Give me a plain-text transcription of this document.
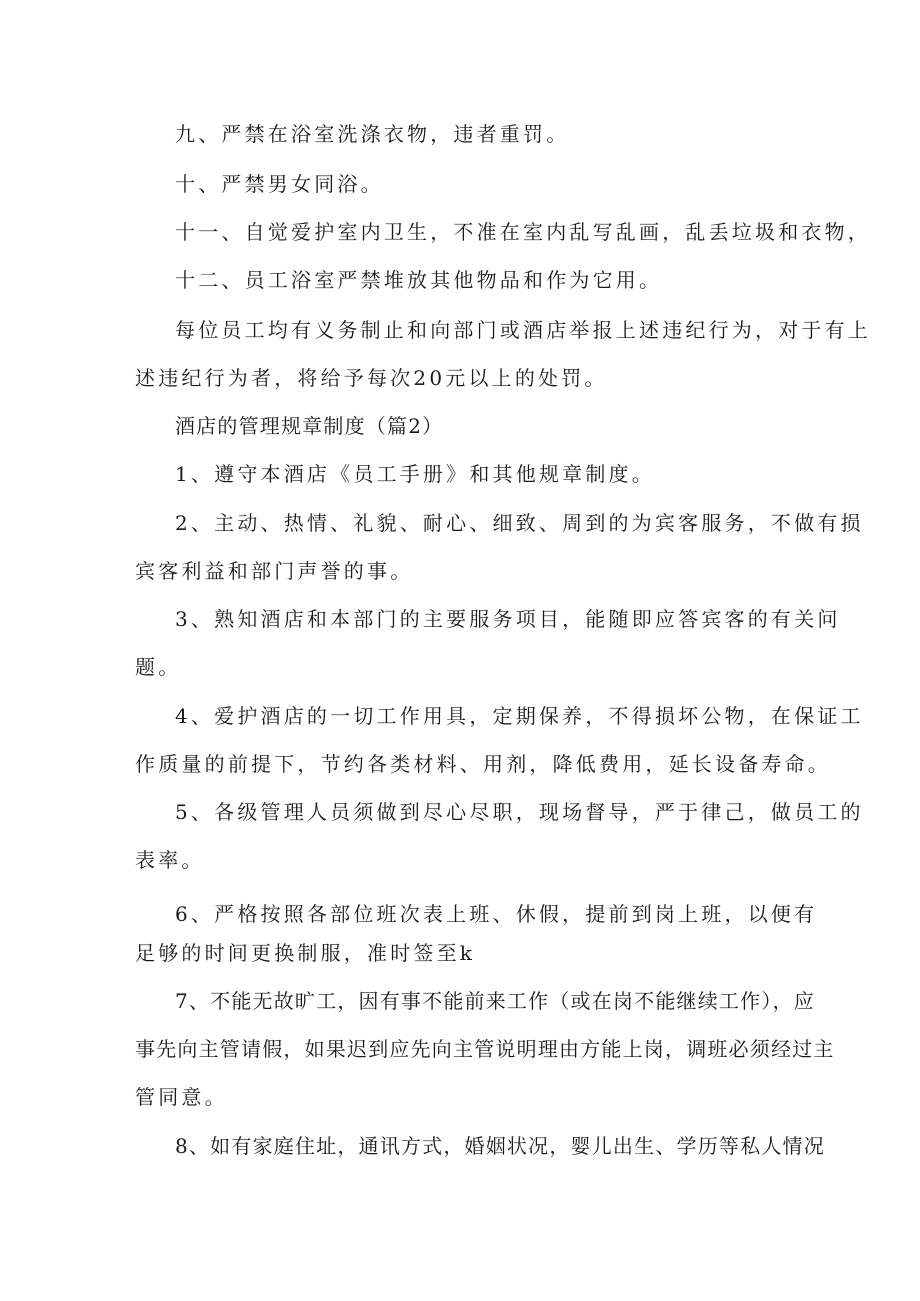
九、严禁在浴室洗涤衣物，违者重罚。
十、严禁男女同浴。
十一、自觉爱护室内卫生，不准在室内乱写乱画，乱丢垃圾和衣物，
十二、员工浴室严禁堆放其他物品和作为它用。
每位员工均有义务制止和向部门或酒店举报上述违纪行为，对于有上
述违纪行为者，将给予每次20元以上的处罚。
酒店的管理规章制度（篇2）
1、遵守本酒店《员工手册》和其他规章制度。
2、主动、热情、礼貌、耐心、细致、周到的为宾客服务，不做有损
宾客利益和部门声誉的事。
3、熟知酒店和本部门的主要服务项目，能随即应答宾客的有关问
题。
4、爱护酒店的一切工作用具，定期保养，不得损坏公物，在保证工
作质量的前提下，节约各类材料、用剂，降低费用，延长设备寿命。
5、各级管理人员须做到尽心尽职，现场督导，严于律己，做员工的
表率。
6、严格按照各部位班次表上班、休假，提前到岗上班，以便有
足够的时间更换制服，准时签至k
7、不能无故旷工，因有事不能前来工作（或在岗不能继续工作），应
事先向主管请假，如果迟到应先向主管说明理由方能上岗，调班必须经过主
管同意。
8、如有家庭住址，通讯方式，婚姻状况，婴儿出生、学历等私人情况
